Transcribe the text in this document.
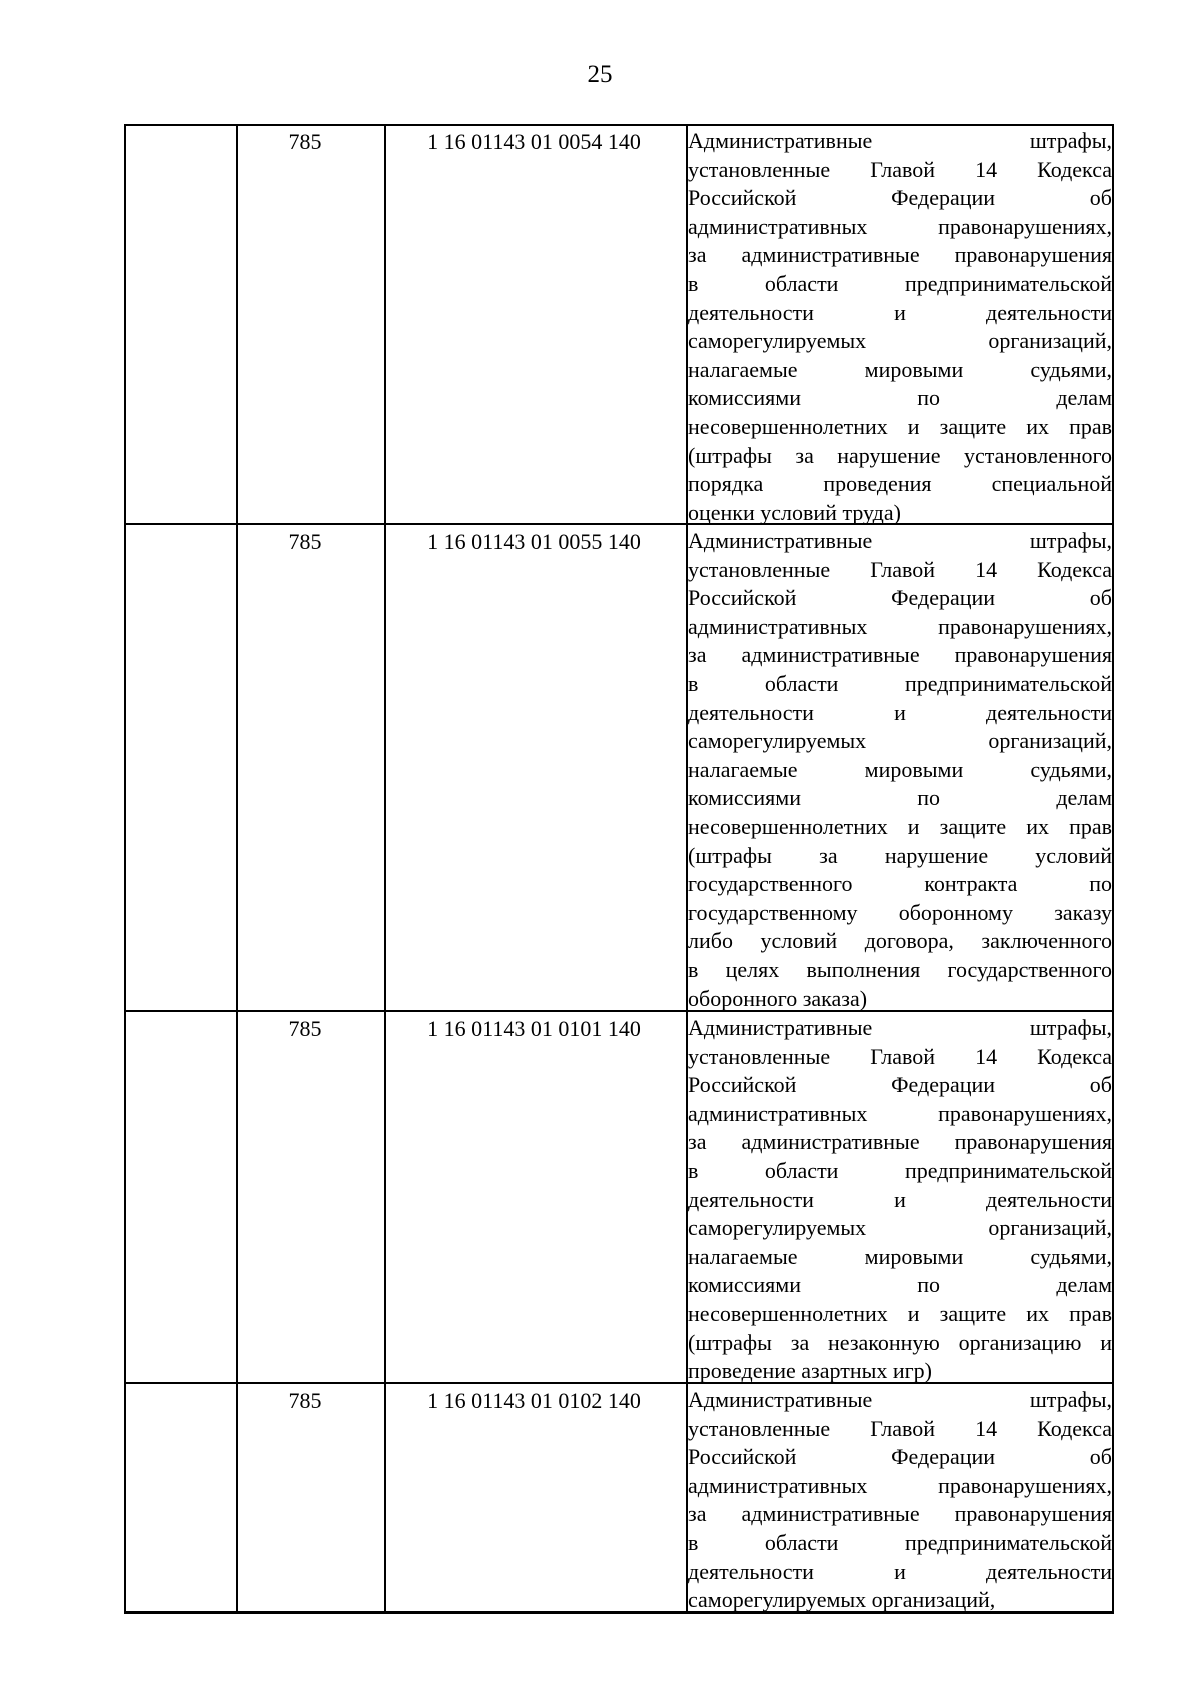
25
785	1 16 01143 01 0054 140	Административные штрафы,
установленные Главой 14 Кодекса
Российской Федерации об
административных правонарушениях,
за административные правонарушения
в области предпринимательской
деятельности и деятельности
саморегулируемых организаций,
налагаемые мировыми судьями,
комиссиями по делам
несовершеннолетних и защите их прав
(штрафы за нарушение установленного
порядка проведения специальной
оценки условий труда)
785	1 16 01143 01 0055 140	Административные штрафы,
установленные Главой 14 Кодекса
Российской Федерации об
административных правонарушениях,
за административные правонарушения
в области предпринимательской
деятельности и деятельности
саморегулируемых организаций,
налагаемые мировыми судьями,
комиссиями по делам
несовершеннолетних и защите их прав
(штрафы за нарушение условий
государственного контракта по
государственному оборонному заказу
либо условий договора, заключенного
в целях выполнения государственного
оборонного заказа)
785	1 16 01143 01 0101 140	Административные штрафы,
установленные Главой 14 Кодекса
Российской Федерации об
административных правонарушениях,
за административные правонарушения
в области предпринимательской
деятельности и деятельности
саморегулируемых организаций,
налагаемые мировыми судьями,
комиссиями по делам
несовершеннолетних и защите их прав
(штрафы за незаконную организацию и
проведение азартных игр)
785	1 16 01143 01 0102 140	Административные штрафы,
установленные Главой 14 Кодекса
Российской Федерации об
административных правонарушениях,
за административные правонарушения
в области предпринимательской
деятельности и деятельности
саморегулируемых организаций,
